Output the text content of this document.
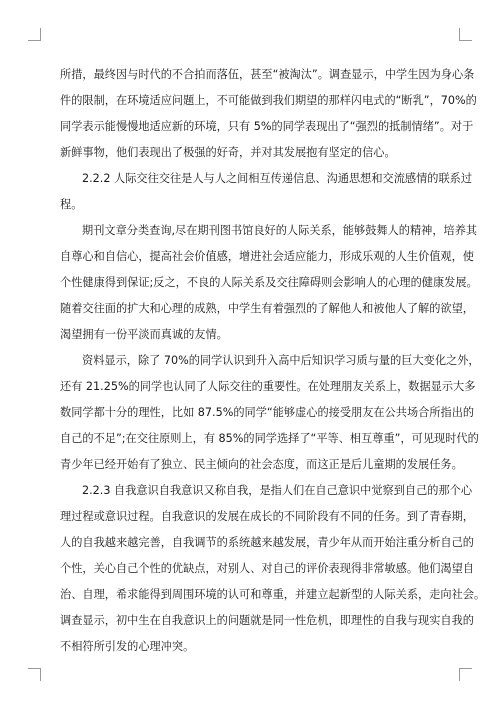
所措，最终因与时代的不合拍而落伍，甚至“被淘汰”。调查显示，中学生因为身心条
件的限制，在环境适应问题上，不可能做到我们期望的那样闪电式的“断乳”，70%的
同学表示能慢慢地适应新的环境，只有 5%的同学表现出了“强烈的抵制情绪”。对于
新鲜事物，他们表现出了极强的好奇，并对其发展抱有坚定的信心。
2.2.2 人际交往交往是人与人之间相互传递信息、沟通思想和交流感情的联系过
程。
期刊文章分类查询,尽在期刊图书馆良好的人际关系，能够鼓舞人的精神，培养其
自尊心和自信心，提高社会价值感，增进社会适应能力，形成乐观的人生价值观，使
个性健康得到保证;反之，不良的人际关系及交往障碍则会影响人的心理的健康发展。
随着交往面的扩大和心理的成熟，中学生有着强烈的了解他人和被他人了解的欲望，
渴望拥有一份平淡而真诚的友情。
资料显示，除了 70%的同学认识到升入高中后知识学习质与量的巨大变化之外，
还有 21.25%的同学也认同了人际交往的重要性。在处理朋友关系上，数据显示大多
数同学都十分的理性，比如 87.5%的同学“能够虚心的接受朋友在公共场合所指出的
自己的不足”;在交往原则上，有 85%的同学选择了“平等、相互尊重”，可见现时代的
青少年已经开始有了独立、民主倾向的社会态度，而这正是后儿童期的发展任务。
2.2.3 自我意识自我意识又称自我，是指人们在自己意识中觉察到自己的那个心
理过程或意识过程。自我意识的发展在成长的不同阶段有不同的任务。到了青春期，
人的自我越来越完善，自我调节的系统越来越发展，青少年从而开始注重分析自己的
个性，关心自己个性的优缺点，对别人、对自己的评价表现得非常敏感。他们渴望自
治、自理，希求能得到周围环境的认可和尊重，并建立起新型的人际关系，走向社会。
调查显示，初中生在自我意识上的问题就是同一性危机，即理性的自我与现实自我的
不相符所引发的心理冲突。
